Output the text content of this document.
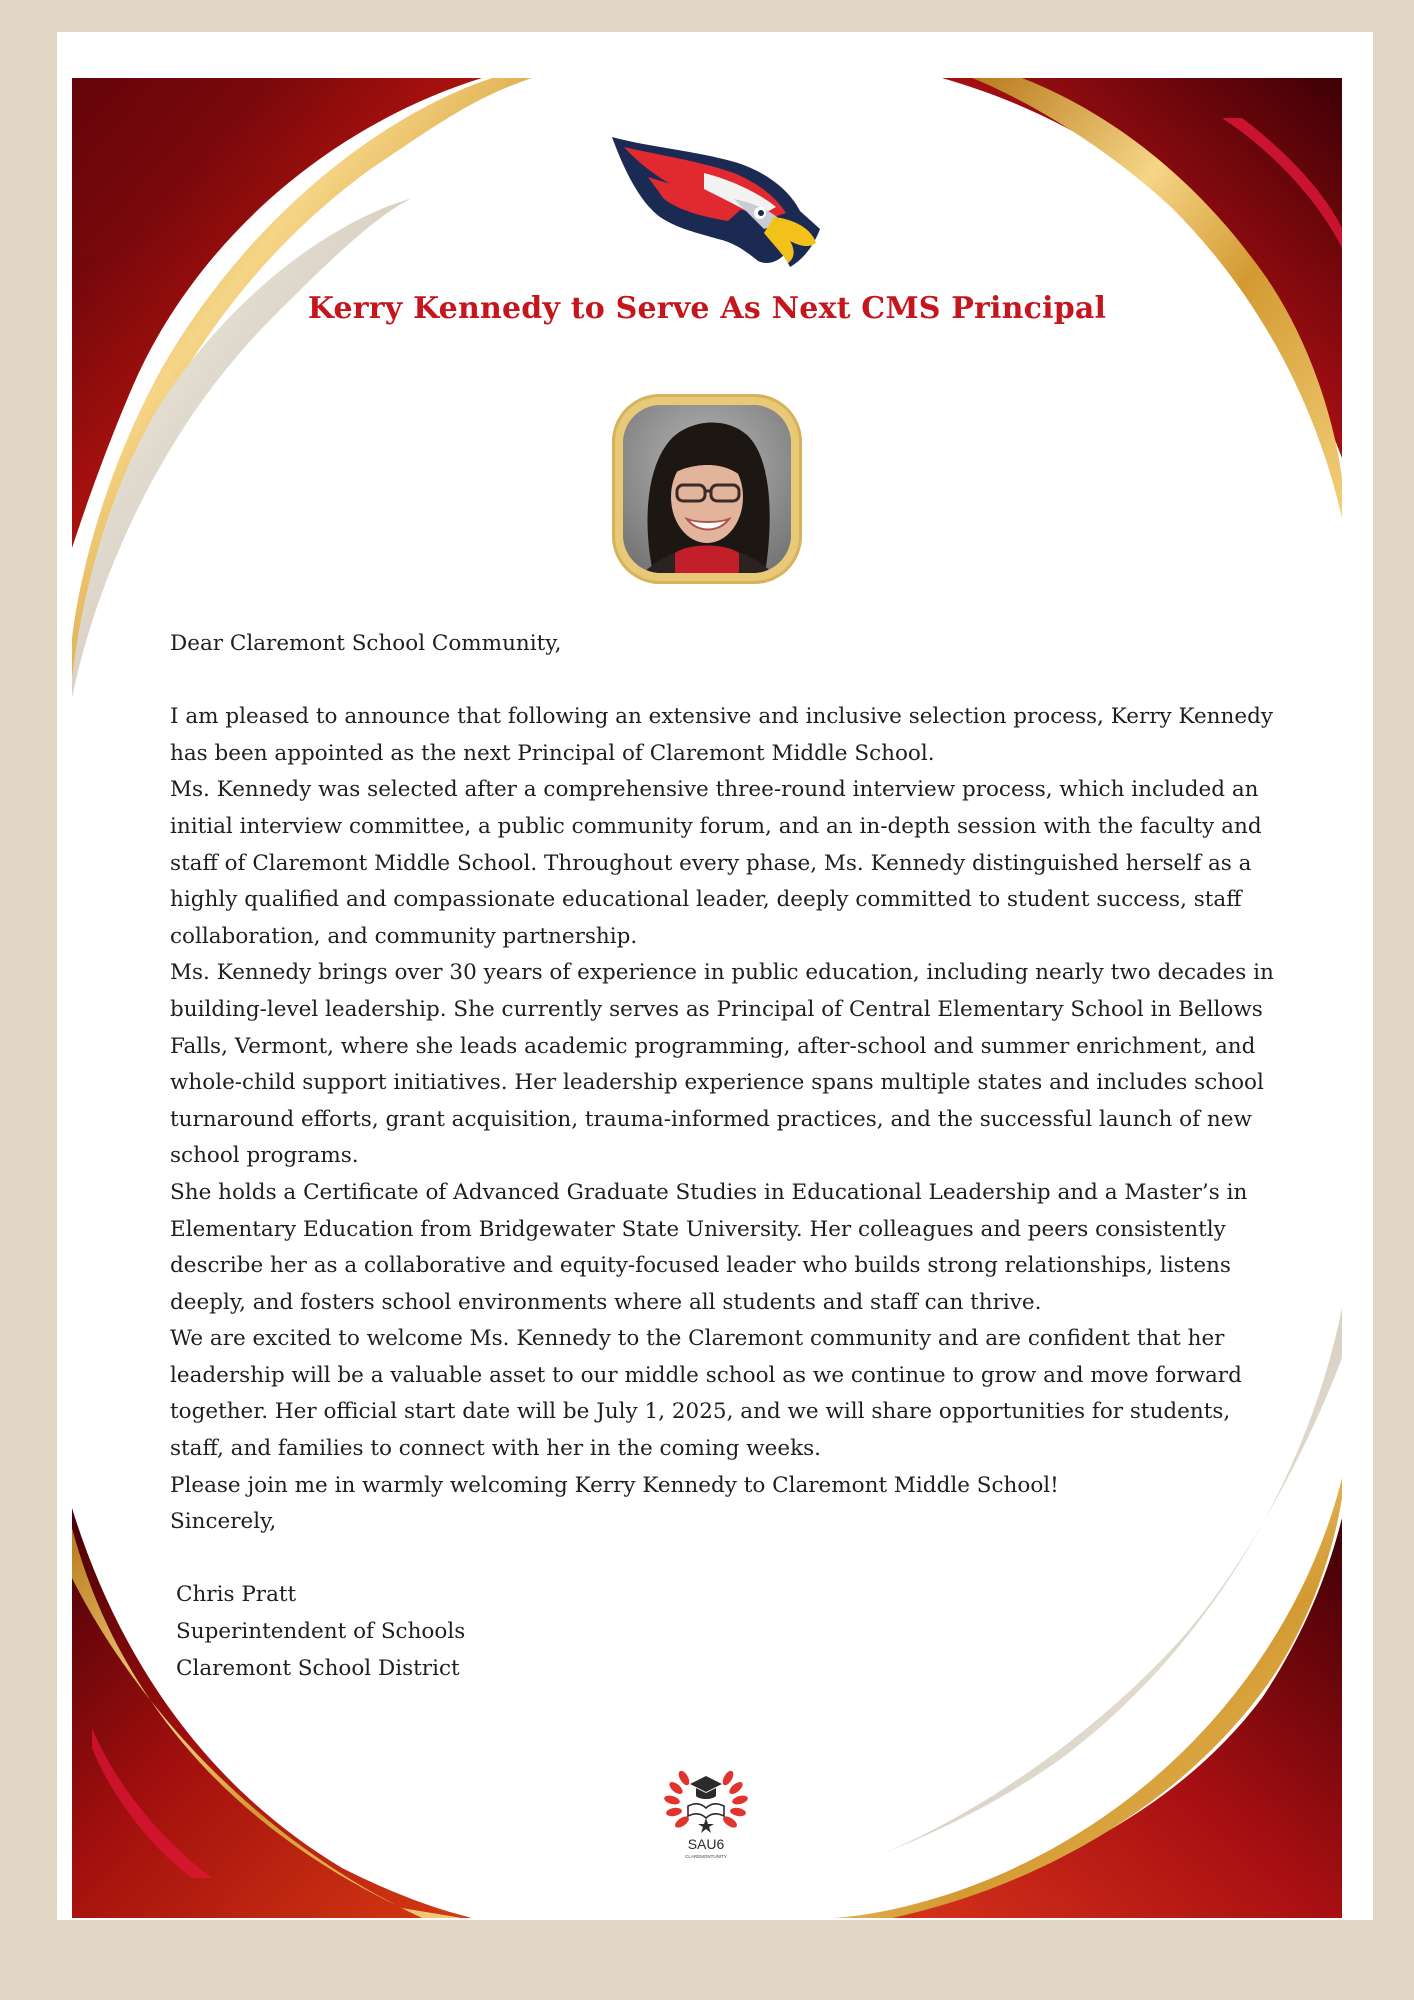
Kerry Kennedy to Serve As Next CMS Principal

Dear Claremont School Community,

I am pleased to announce that following an extensive and inclusive selection process, Kerry Kennedy has been appointed as the next Principal of Claremont Middle School.

Ms. Kennedy was selected after a comprehensive three-round interview process, which included an initial interview committee, a public community forum, and an in-depth session with the faculty and staff of Claremont Middle School. Throughout every phase, Ms. Kennedy distinguished herself as a highly qualified and compassionate educational leader, deeply committed to student success, staff collaboration, and community partnership.

Ms. Kennedy brings over 30 years of experience in public education, including nearly two decades in building-level leadership. She currently serves as Principal of Central Elementary School in Bellows Falls, Vermont, where she leads academic programming, after-school and summer enrichment, and whole-child support initiatives. Her leadership experience spans multiple states and includes school turnaround efforts, grant acquisition, trauma-informed practices, and the successful launch of new school programs.

She holds a Certificate of Advanced Graduate Studies in Educational Leadership and a Master’s in Elementary Education from Bridgewater State University. Her colleagues and peers consistently describe her as a collaborative and equity-focused leader who builds strong relationships, listens deeply, and fosters school environments where all students and staff can thrive.

We are excited to welcome Ms. Kennedy to the Claremont community and are confident that her leadership will be a valuable asset to our middle school as we continue to grow and move forward together. Her official start date will be July 1, 2025, and we will share opportunities for students, staff, and families to connect with her in the coming weeks.

Please join me in warmly welcoming Kerry Kennedy to Claremont Middle School!

Sincerely,

Chris Pratt

Superintendent of Schools

Claremont School District

SAU6
CLAREMONTUNITY
